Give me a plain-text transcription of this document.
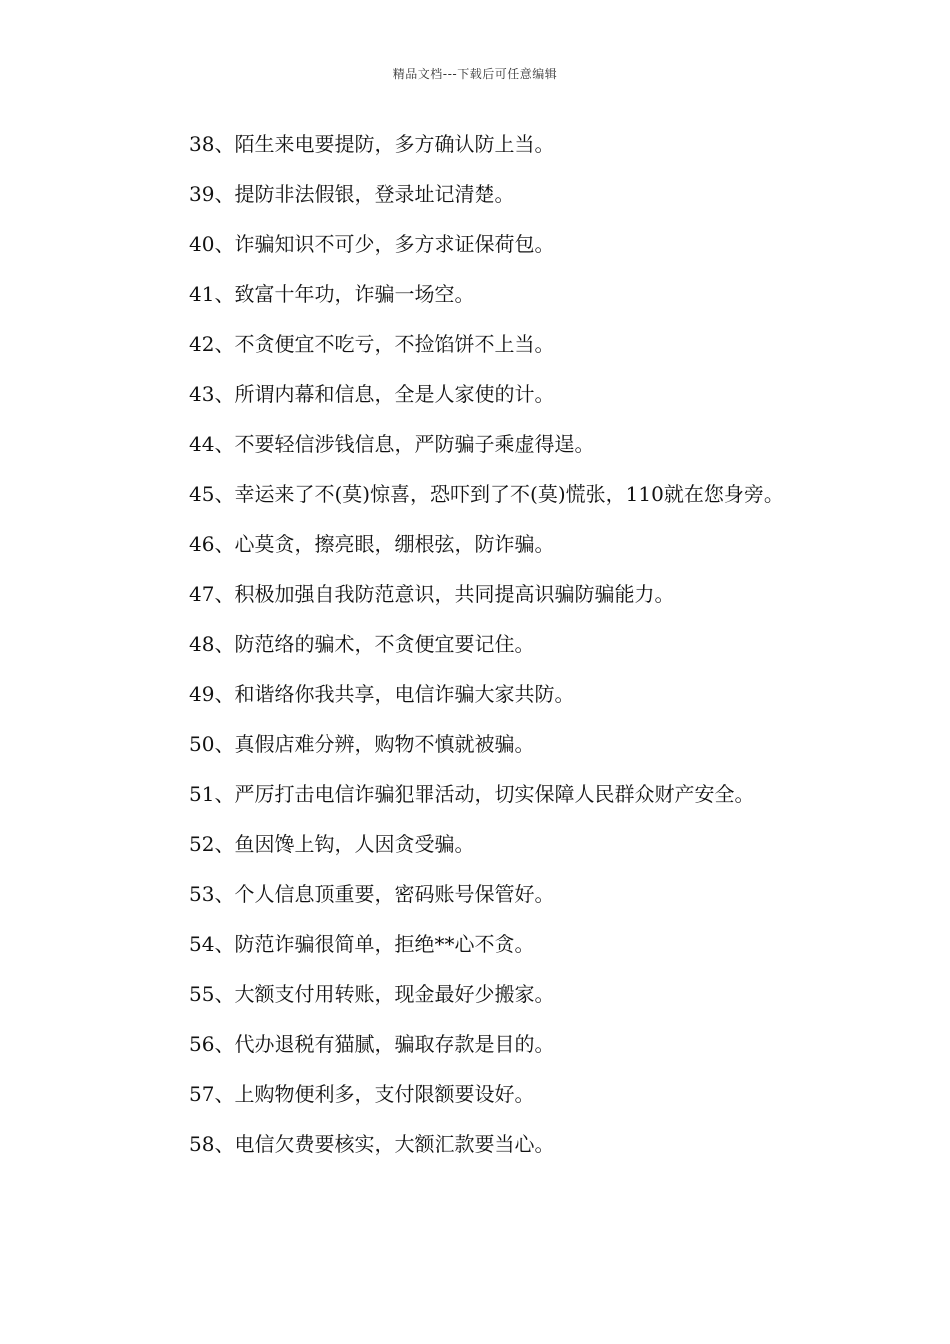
精品文档---下载后可任意编辑
38、陌生来电要提防，多方确认防上当。
39、提防非法假银，登录址记清楚。
40、诈骗知识不可少，多方求证保荷包。
41、致富十年功，诈骗一场空。
42、不贪便宜不吃亏，不捡馅饼不上当。
43、所谓内幕和信息，全是人家使的计。
44、不要轻信涉钱信息，严防骗子乘虚得逞。
45、幸运来了不(莫)惊喜，恐吓到了不(莫)慌张，110就在您身旁。
46、心莫贪，擦亮眼，绷根弦，防诈骗。
47、积极加强自我防范意识，共同提高识骗防骗能力。
48、防范络的骗术，不贪便宜要记住。
49、和谐络你我共享，电信诈骗大家共防。
50、真假店难分辨，购物不慎就被骗。
51、严厉打击电信诈骗犯罪活动，切实保障人民群众财产安全。
52、鱼因馋上钩，人因贪受骗。
53、个人信息顶重要，密码账号保管好。
54、防范诈骗很简单，拒绝**心不贪。
55、大额支付用转账，现金最好少搬家。
56、代办退税有猫腻，骗取存款是目的。
57、上购物便利多，支付限额要设好。
58、电信欠费要核实，大额汇款要当心。
